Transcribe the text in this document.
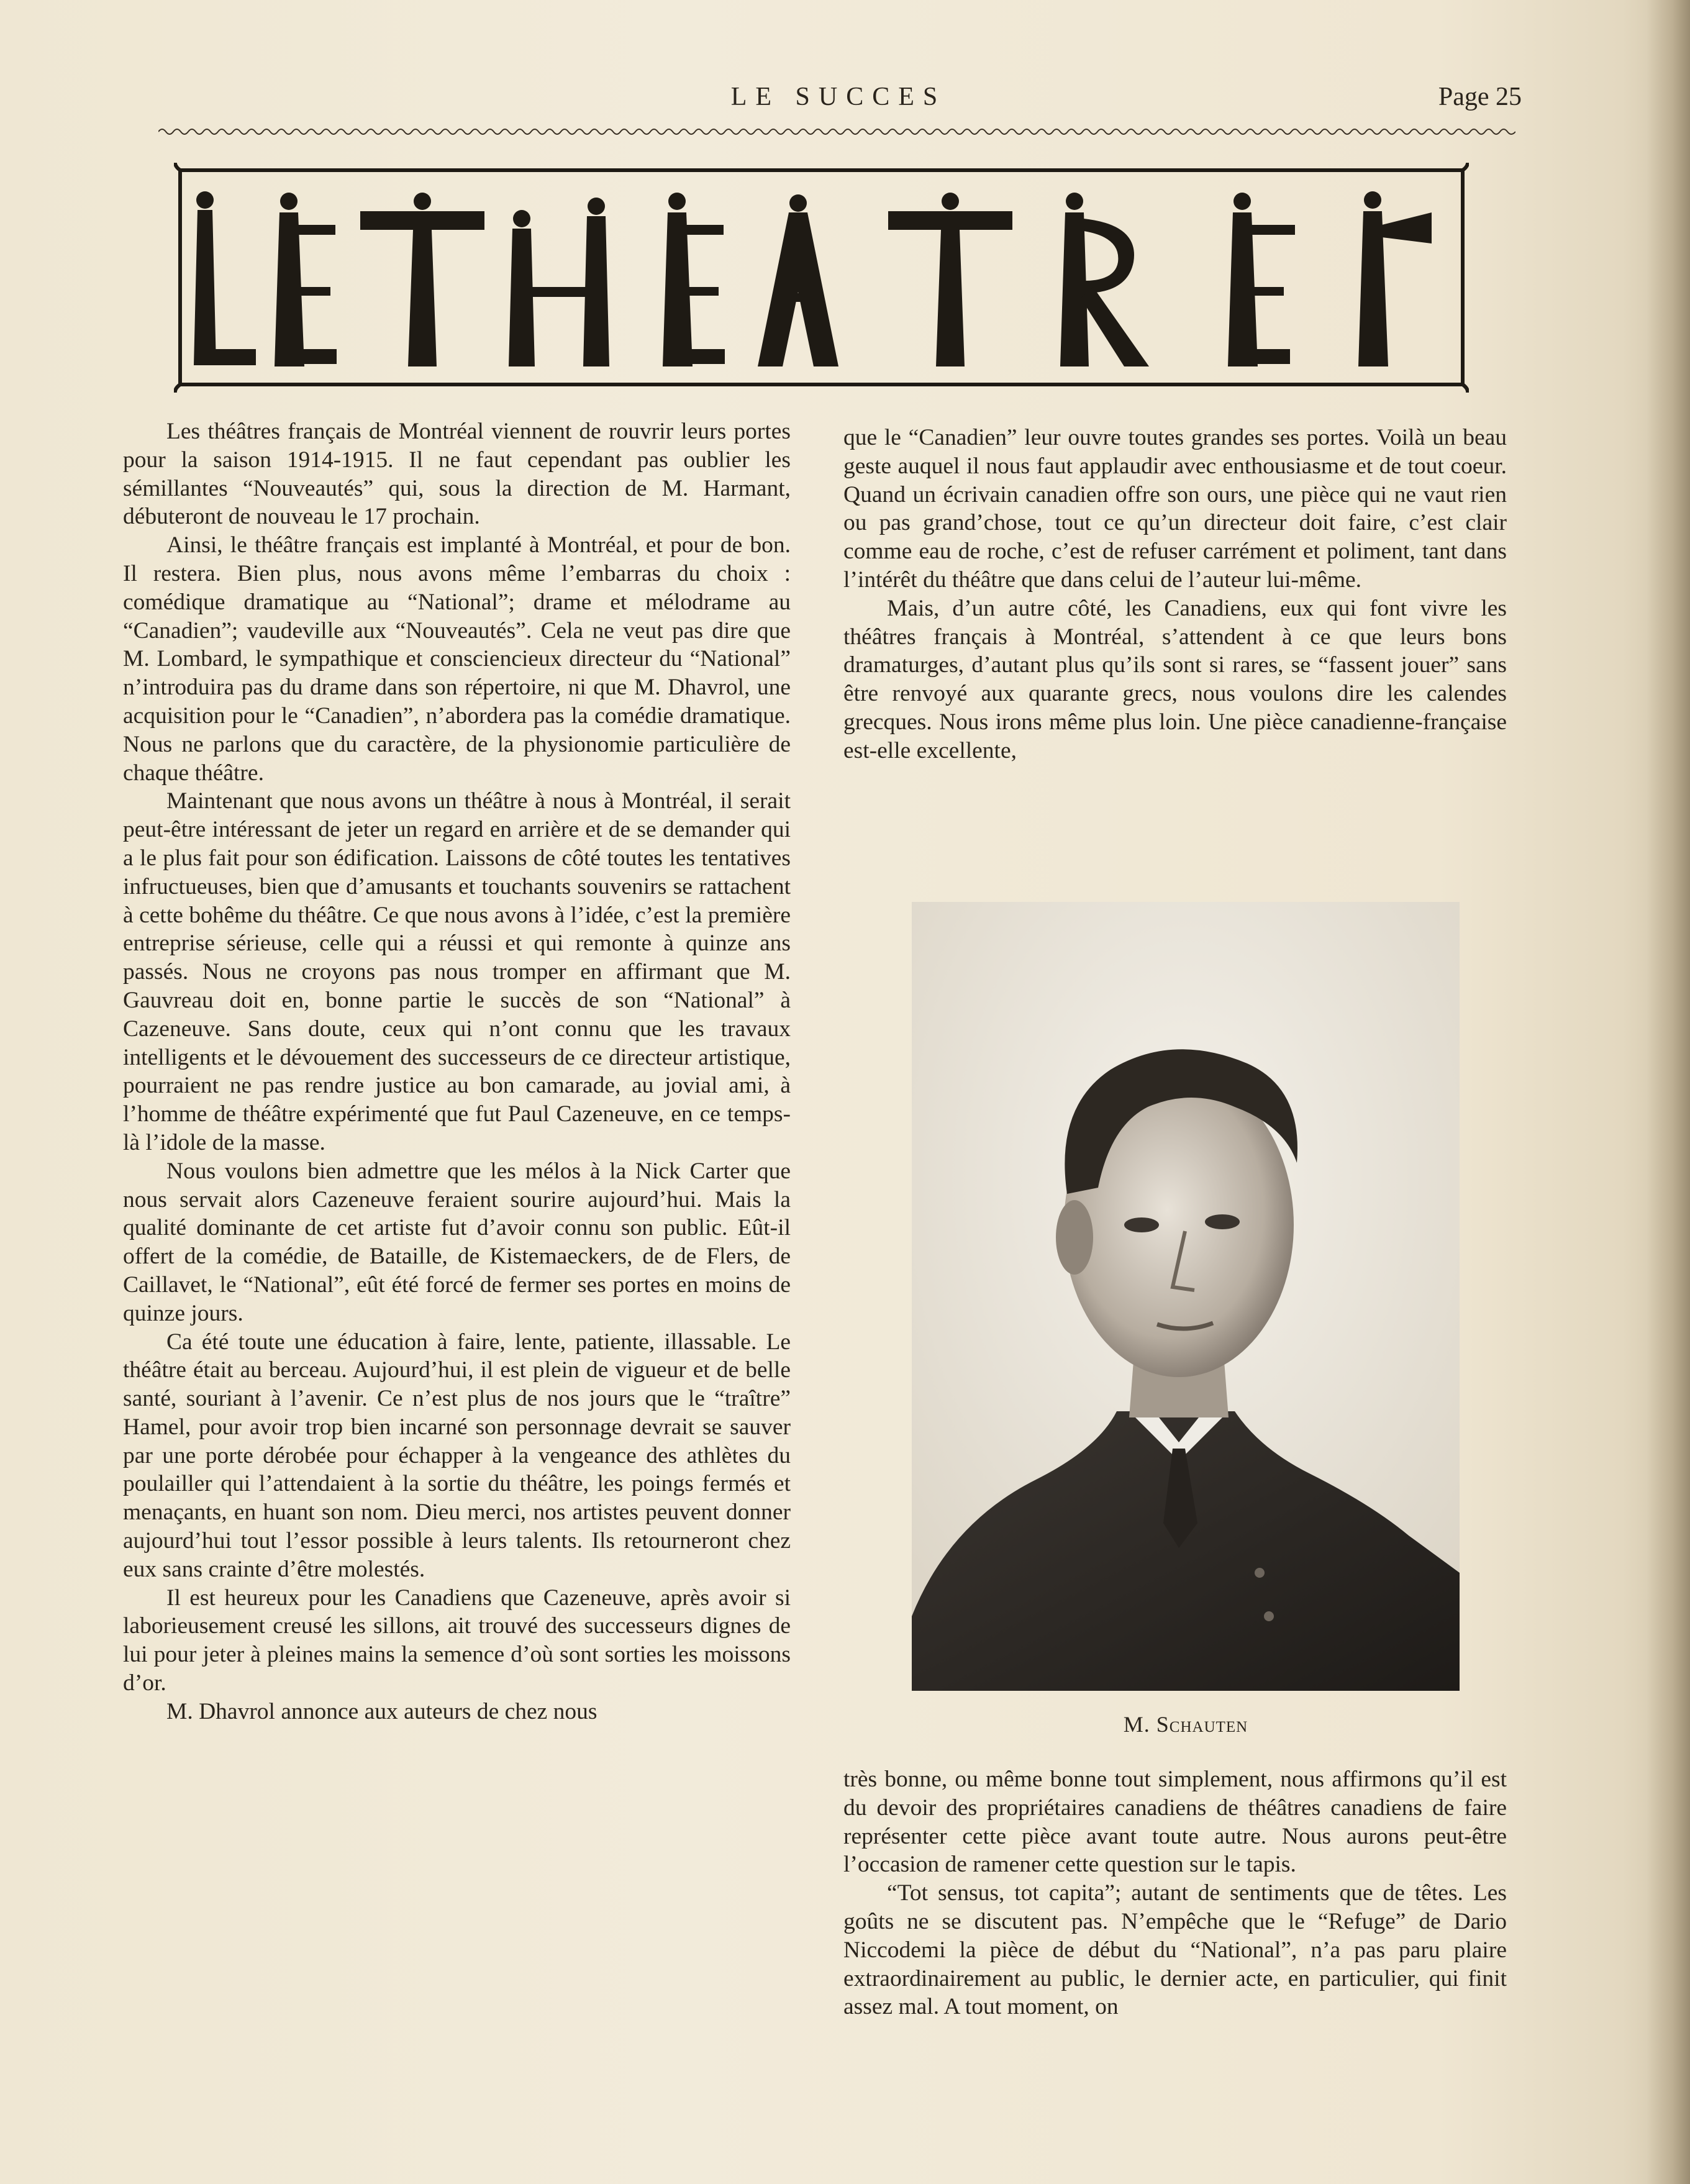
LE SUCCES	Page 25

Les théâtres français de Montréal viennent de rouvrir leurs portes pour la saison 1914-1915. Il ne faut cependant pas oublier les sémillantes “Nouveautés” qui, sous la direction de M. Harmant, débuteront de nouveau le 17 prochain.

Ainsi, le théâtre français est implanté à Montréal, et pour de bon. Il restera. Bien plus, nous avons même l’embarras du choix : comédique dramatique au “National”; drame et mélodrame au “Canadien”; vaudeville aux “Nouveautés”. Cela ne veut pas dire que M. Lombard, le sympathique et consciencieux directeur du “National” n’introduira pas du drame dans son répertoire, ni que M. Dhavrol, une acquisition pour le “Canadien”, n’abordera pas la comédie dramatique. Nous ne parlons que du caractère, de la physionomie particulière de chaque théâtre.

Maintenant que nous avons un théâtre à nous à Montréal, il serait peut-être intéressant de jeter un regard en arrière et de se demander qui a le plus fait pour son édification. Laissons de côté toutes les tentatives infructueuses, bien que d’amusants et touchants souvenirs se rattachent à cette bohême du théâtre. Ce que nous avons à l’idée, c’est la première entreprise sérieuse, celle qui a réussi et qui remonte à quinze ans passés. Nous ne croyons pas nous tromper en affirmant que M. Gauvreau doit en, bonne partie le succès de son “National” à Cazeneuve. Sans doute, ceux qui n’ont connu que les travaux intelligents et le dévouement des successeurs de ce directeur artistique, pourraient ne pas rendre justice au bon camarade, au jovial ami, à l’homme de théâtre expérimenté que fut Paul Cazeneuve, en ce temps-là l’idole de la masse.

Nous voulons bien admettre que les mélos à la Nick Carter que nous servait alors Cazeneuve feraient sourire aujourd’hui. Mais la qualité dominante de cet artiste fut d’avoir connu son public. Eût-il offert de la comédie, de Bataille, de Kistemaeckers, de de Flers, de Caillavet, le “National”, eût été forcé de fermer ses portes en moins de quinze jours.

Ca été toute une éducation à faire, lente, patiente, illassable. Le théâtre était au berceau. Aujourd’hui, il est plein de vigueur et de belle santé, souriant à l’avenir. Ce n’est plus de nos jours que le “traître” Hamel, pour avoir trop bien incarné son personnage devrait se sauver par une porte dérobée pour échapper à la vengeance des athlètes du poulailler qui l’attendaient à la sortie du théâtre, les poings fermés et menaçants, en huant son nom. Dieu merci, nos artistes peuvent donner aujourd’hui tout l’essor possible à leurs talents. Ils retourneront chez eux sans crainte d’être molestés.

Il est heureux pour les Canadiens que Cazeneuve, après avoir si laborieusement creusé les sillons, ait trouvé des successeurs dignes de lui pour jeter à pleines mains la semence d’où sont sorties les moissons d’or.

M. Dhavrol annonce aux auteurs de chez nous

que le “Canadien” leur ouvre toutes grandes ses portes. Voilà un beau geste auquel il nous faut applaudir avec enthousiasme et de tout coeur. Quand un écrivain canadien offre son ours, une pièce qui ne vaut rien ou pas grand’chose, tout ce qu’un directeur doit faire, c’est clair comme eau de roche, c’est de refuser carrément et poliment, tant dans l’intérêt du théâtre que dans celui de l’auteur lui-même.

Mais, d’un autre côté, les Canadiens, eux qui font vivre les théâtres français à Montréal, s’attendent à ce que leurs bons dramaturges, d’autant plus qu’ils sont si rares, se “fassent jouer” sans être renvoyé aux quarante grecs, nous voulons dire les calendes grecques. Nous irons même plus loin. Une pièce canadienne-française est-elle excellente,

M. Schauten

très bonne, ou même bonne tout simplement, nous affirmons qu’il est du devoir des propriétaires canadiens de théâtres canadiens de faire représenter cette pièce avant toute autre. Nous aurons peut-être l’occasion de ramener cette question sur le tapis.

“Tot sensus, tot capita”; autant de sentiments que de têtes. Les goûts ne se discutent pas. N’empêche que le “Refuge” de Dario Niccodemi la pièce de début du “National”, n’a pas paru plaire extraordinairement au public, le dernier acte, en particulier, qui finit assez mal. A tout moment, on
